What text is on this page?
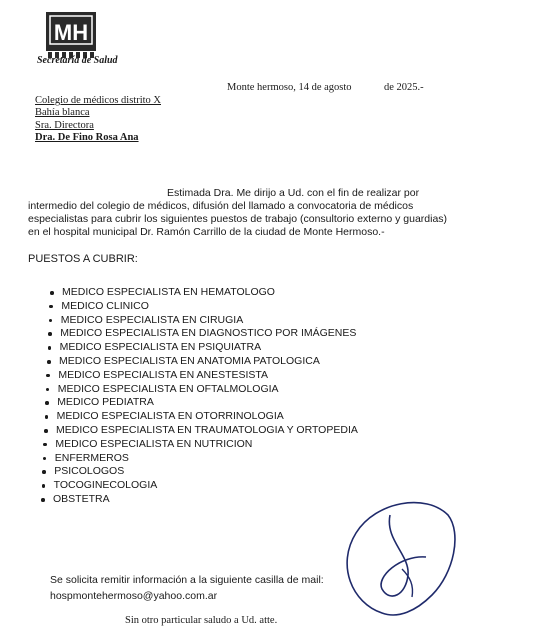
MH
Secretaría de Salud
Monte hermoso, 14 de agosto	de 2025.-
Colegio de médicos distrito X
Bahía blanca
Sra. Directora
Dra. De Fino Rosa Ana
Estimada Dra. Me dirijo a Ud. con el fin de realizar por
intermedio del colegio de médicos, difusión del llamado a convocatoria de médicos
especialistas para cubrir los siguientes puestos de trabajo (consultorio externo y guardias)
en el hospital municipal Dr. Ramón Carrillo de la ciudad de Monte Hermoso.-
PUESTOS A CUBRIR:
MEDICO ESPECIALISTA EN HEMATOLOGO
MEDICO CLINICO
MEDICO ESPECIALISTA EN CIRUGIA
MEDICO ESPECIALISTA EN DIAGNOSTICO POR IMÁGENES
MEDICO ESPECIALISTA EN PSIQUIATRA
MEDICO ESPECIALISTA EN ANATOMIA PATOLOGICA
MEDICO ESPECIALISTA EN ANESTESISTA
MEDICO ESPECIALISTA EN OFTALMOLOGIA
MEDICO PEDIATRA
MEDICO ESPECIALISTA EN OTORRINOLOGIA
MEDICO ESPECIALISTA EN TRAUMATOLOGIA Y ORTOPEDIA
MEDICO ESPECIALISTA EN NUTRICION
ENFERMEROS
PSICOLOGOS
TOCOGINECOLOGIA
OBSTETRA
Se solicita remitir información a la siguiente casilla de mail:
hospmontehermoso@yahoo.com.ar
Sin otro particular saludo a Ud. atte.
